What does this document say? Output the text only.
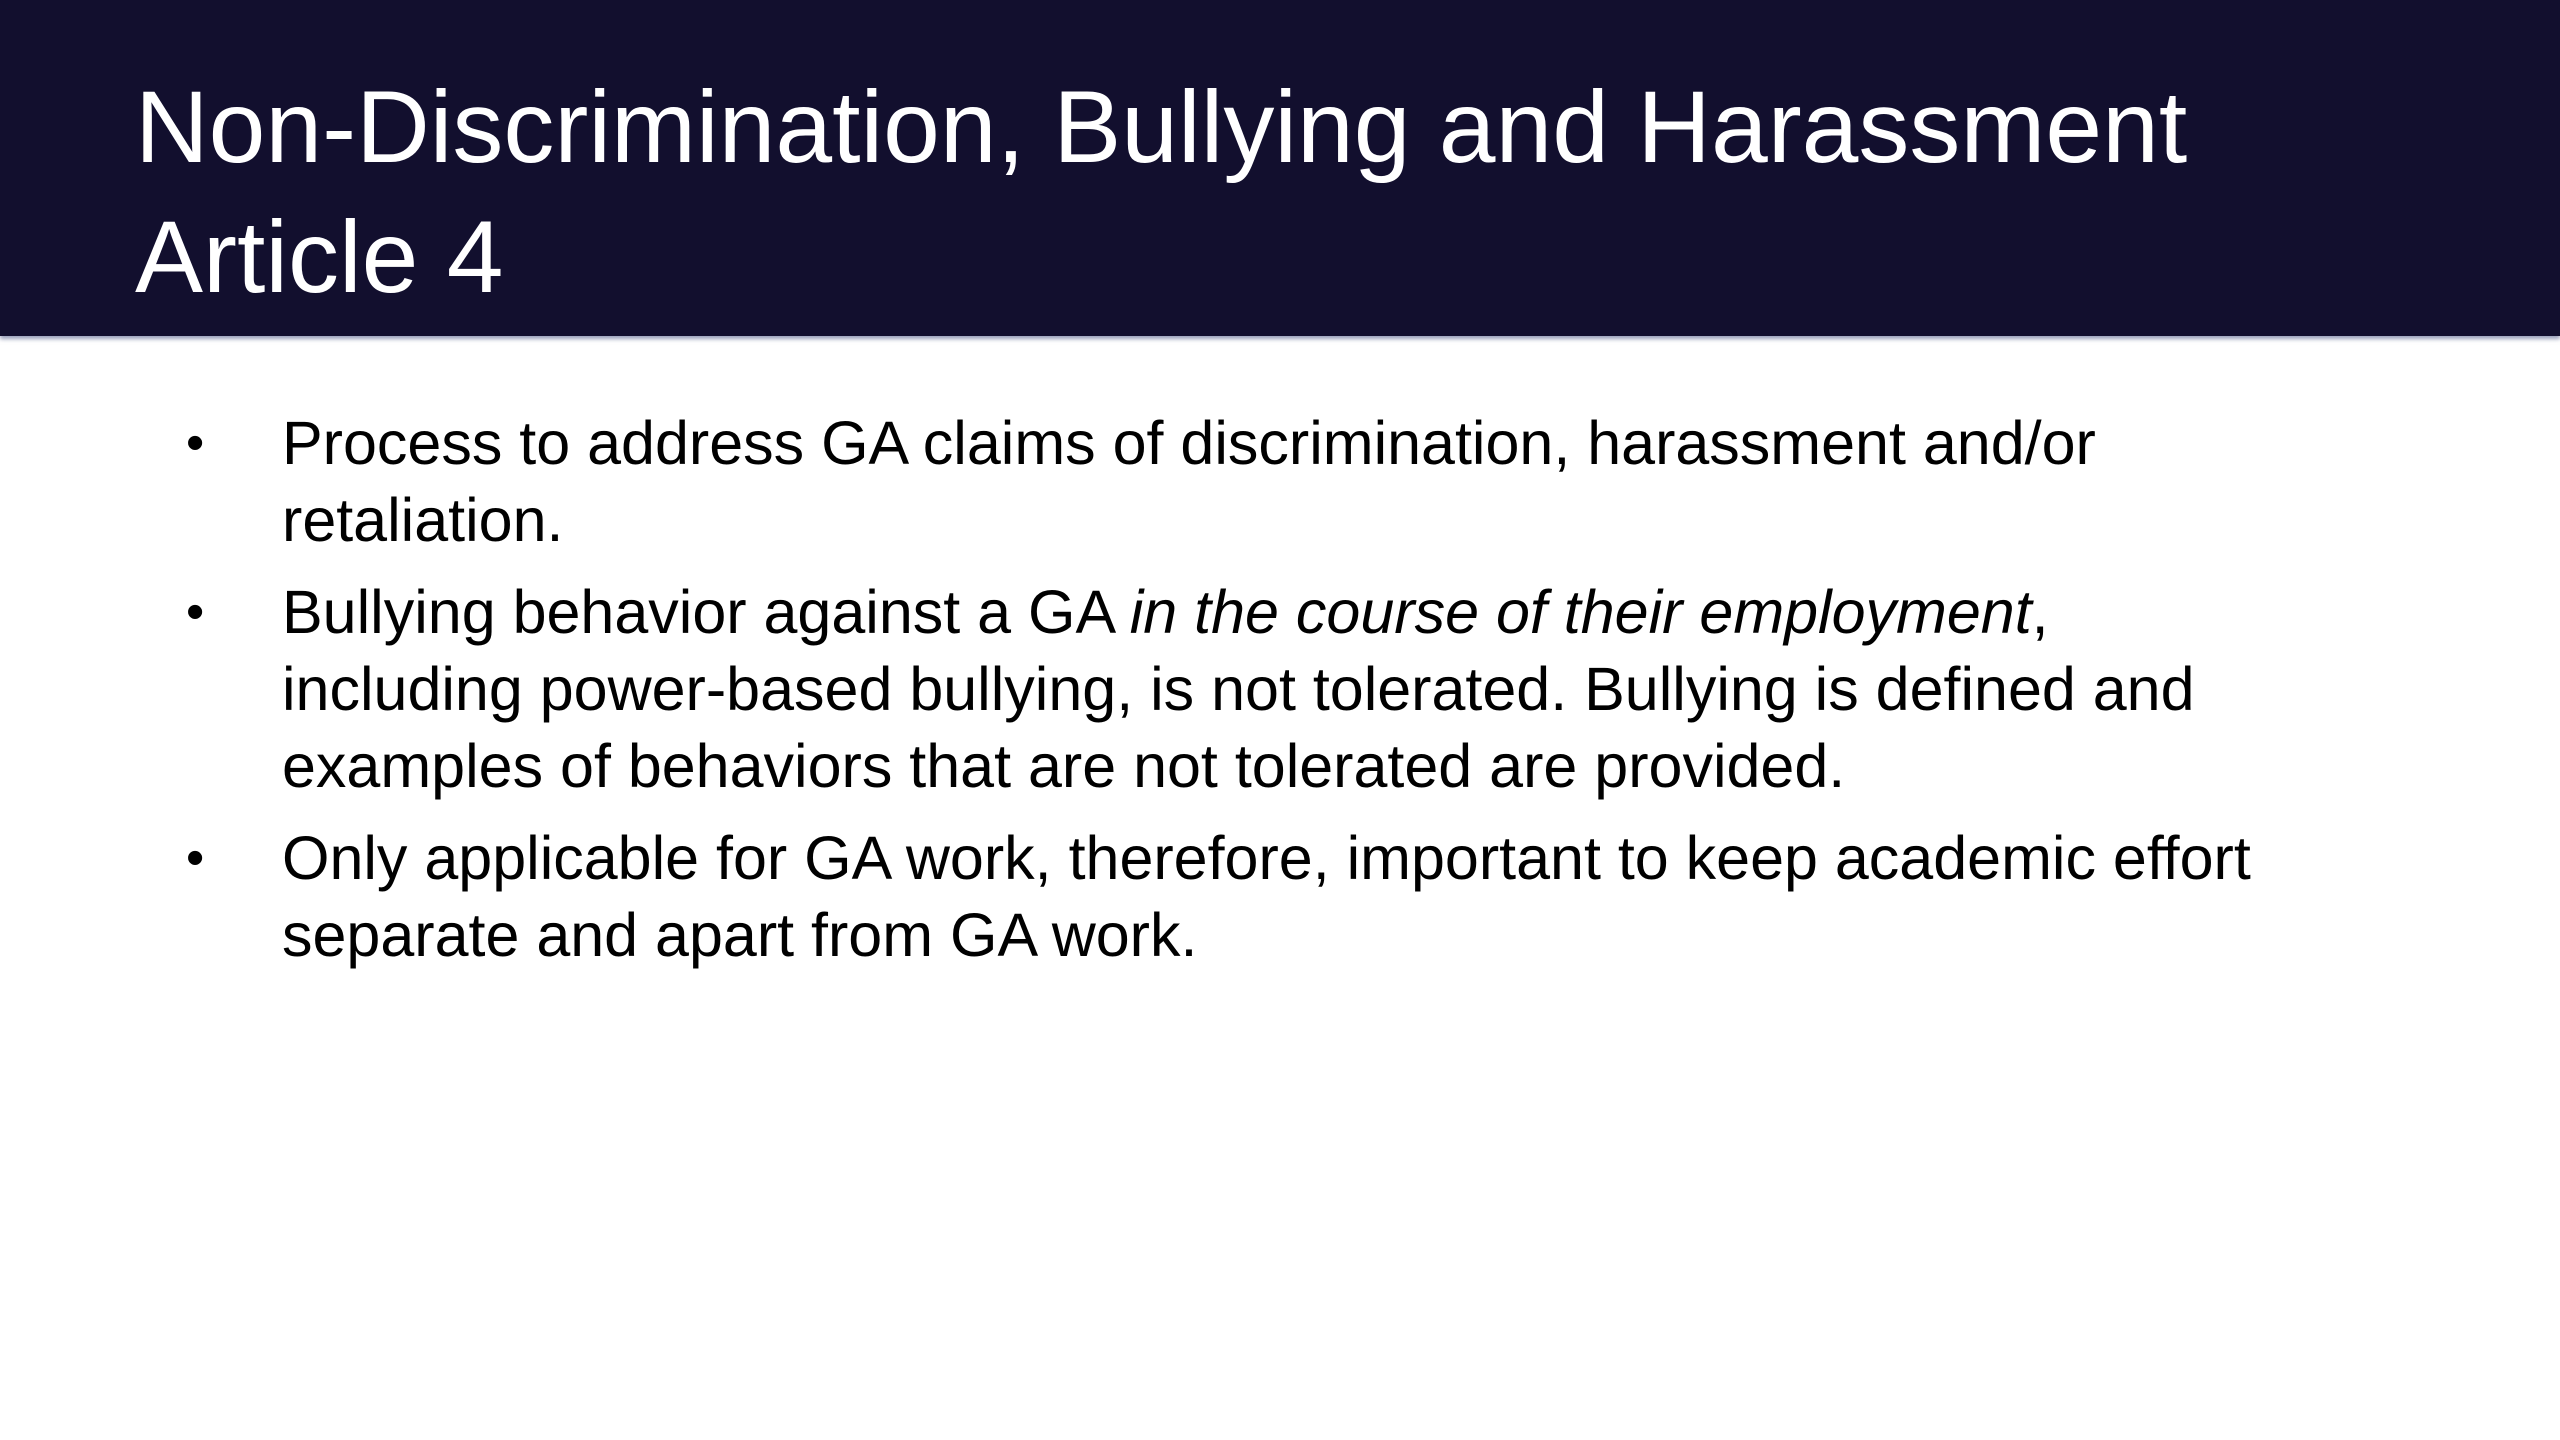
Non-Discrimination, Bullying and Harassment
Article 4
• Process to address GA claims of discrimination, harassment and/or
retaliation.
• Bullying behavior against a GA in the course of their employment,
including power-based bullying, is not tolerated. Bullying is defined and
examples of behaviors that are not tolerated are provided.
• Only applicable for GA work, therefore, important to keep academic effort
separate and apart from GA work.
